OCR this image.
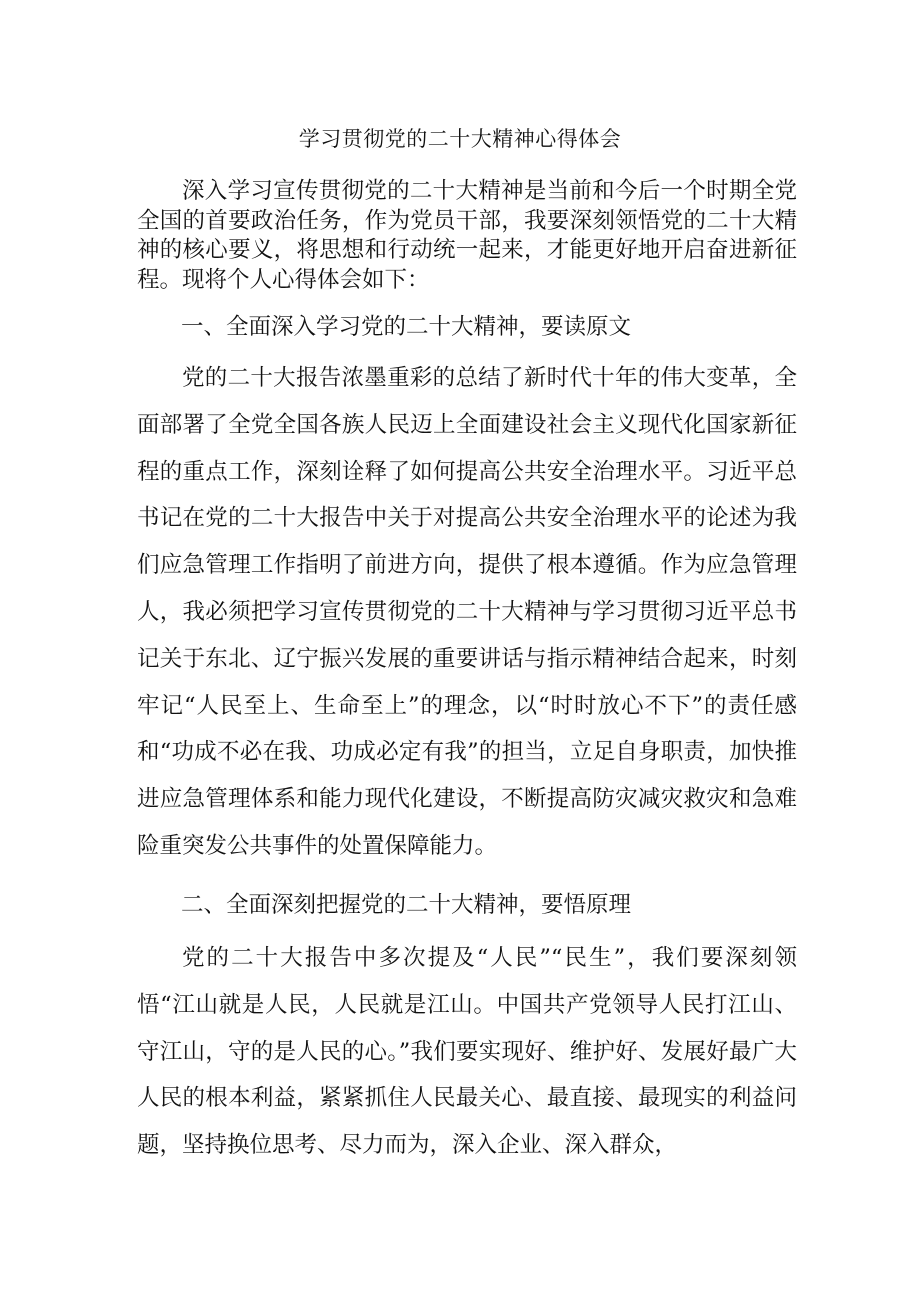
学习贯彻党的二十大精神心得体会

深入学习宣传贯彻党的二十大精神是当前和今后一个时期全党全国的首要政治任务，作为党员干部，我要深刻领悟党的二十大精神的核心要义，将思想和行动统一起来，才能更好地开启奋进新征程。现将个人心得体会如下：

一、全面深入学习党的二十大精神，要读原文

党的二十大报告浓墨重彩的总结了新时代十年的伟大变革，全面部署了全党全国各族人民迈上全面建设社会主义现代化国家新征程的重点工作，深刻诠释了如何提高公共安全治理水平。习近平总书记在党的二十大报告中关于对提高公共安全治理水平的论述为我们应急管理工作指明了前进方向，提供了根本遵循。作为应急管理人，我必须把学习宣传贯彻党的二十大精神与学习贯彻习近平总书记关于东北、辽宁振兴发展的重要讲话与指示精神结合起来，时刻牢记“人民至上、生命至上”的理念，以“时时放心不下”的责任感和“功成不必在我、功成必定有我”的担当，立足自身职责，加快推进应急管理体系和能力现代化建设，不断提高防灾减灾救灾和急难险重突发公共事件的处置保障能力。

二、全面深刻把握党的二十大精神，要悟原理

党的二十大报告中多次提及“人民”“民生”，我们要深刻领悟“江山就是人民，人民就是江山。中国共产党领导人民打江山、守江山，守的是人民的心。”我们要实现好、维护好、发展好最广大人民的根本利益，紧紧抓住人民最关心、最直接、最现实的利益问题，坚持换位思考、尽力而为，深入企业、深入群众，
